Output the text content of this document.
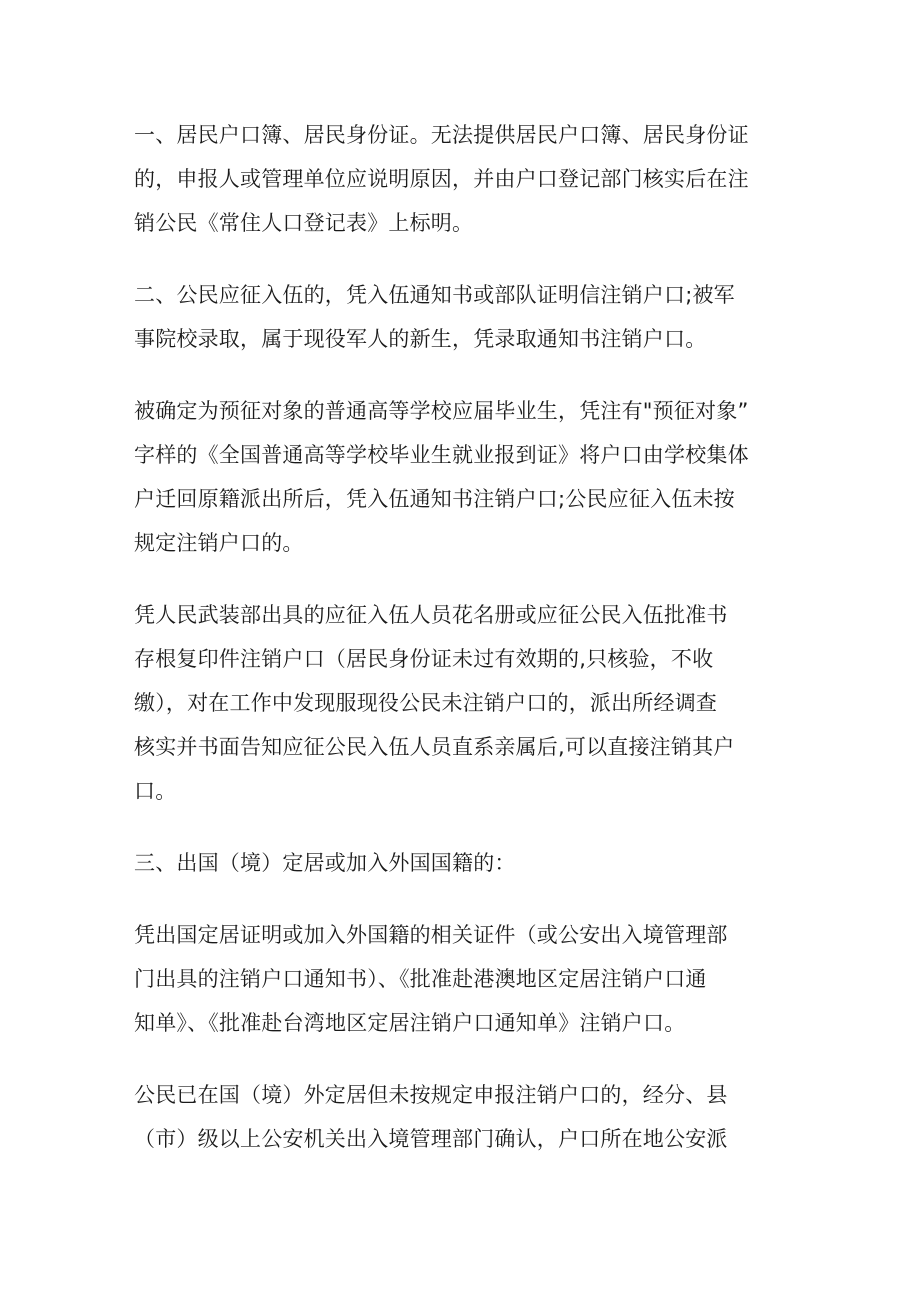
一、居民户口簿、居民身份证。无法提供居民户口簿、居民身份证
的，申报人或管理单位应说明原因，并由户口登记部门核实后在注
销公民《常住人口登记表》上标明。

二、公民应征入伍的，凭入伍通知书或部队证明信注销户口;被军
事院校录取，属于现役军人的新生，凭录取通知书注销户口。

被确定为预征对象的普通高等学校应届毕业生，凭注有"预征对象”
字样的《全国普通高等学校毕业生就业报到证》将户口由学校集体
户迁回原籍派出所后，凭入伍通知书注销户口;公民应征入伍未按
规定注销户口的。

凭人民武装部出具的应征入伍人员花名册或应征公民入伍批准书
存根复印件注销户口（居民身份证未过有效期的,只核验，不收
缴），对在工作中发现服现役公民未注销户口的，派出所经调查
核实并书面告知应征公民入伍人员直系亲属后,可以直接注销其户
口。

三、出国（境）定居或加入外国国籍的：

凭出国定居证明或加入外国籍的相关证件（或公安出入境管理部
门出具的注销户口通知书）、《批准赴港澳地区定居注销户口通
知单》、《批准赴台湾地区定居注销户口通知单》注销户口。

公民已在国（境）外定居但未按规定申报注销户口的，经分、县
（市）级以上公安机关出入境管理部门确认，户口所在地公安派
